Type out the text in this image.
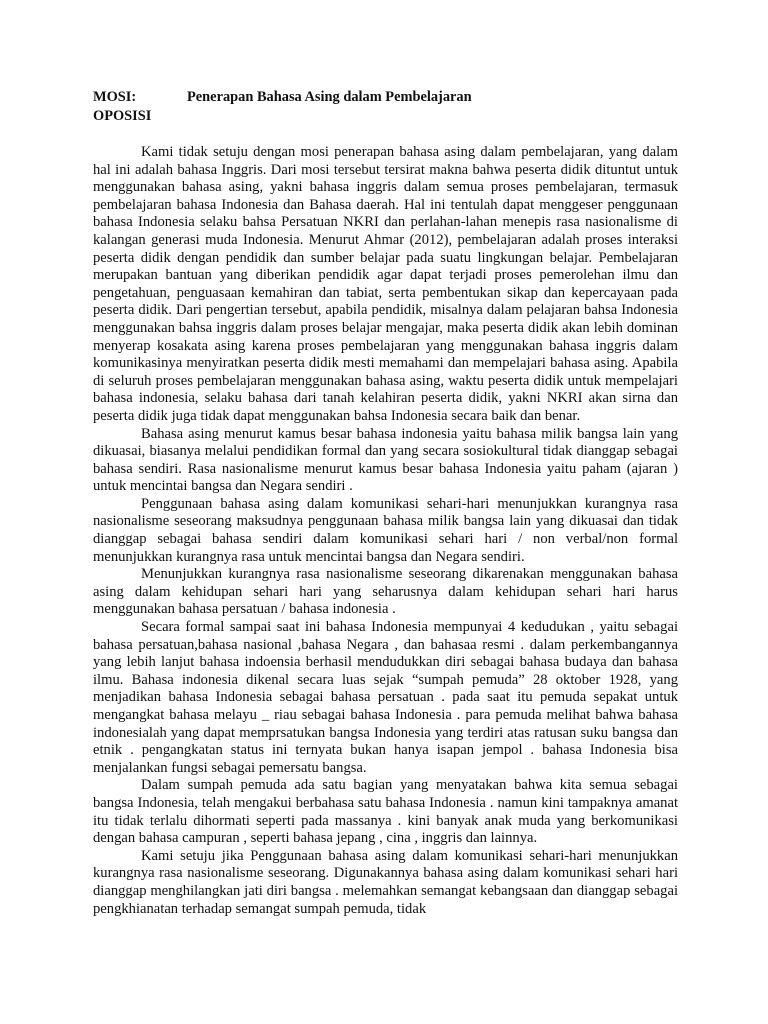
MOSI:	Penerapan Bahasa Asing dalam Pembelajaran
OPOSISI

Kami tidak setuju dengan mosi penerapan bahasa asing dalam pembelajaran, yang dalam hal ini adalah bahasa Inggris. Dari mosi tersebut tersirat makna bahwa peserta didik dituntut untuk menggunakan bahasa asing, yakni bahasa inggris dalam semua proses pembelajaran, termasuk pembelajaran bahasa Indonesia dan Bahasa daerah. Hal ini tentulah dapat menggeser penggunaan bahasa Indonesia selaku bahsa Persatuan NKRI dan perlahan-lahan menepis rasa nasionalisme di kalangan generasi muda Indonesia. Menurut Ahmar (2012), pembelajaran adalah proses interaksi peserta didik dengan pendidik dan sumber belajar pada suatu lingkungan belajar. Pembelajaran merupakan bantuan yang diberikan pendidik agar dapat terjadi proses pemerolehan ilmu dan pengetahuan, penguasaan kemahiran dan tabiat, serta pembentukan sikap dan kepercayaan pada peserta didik. Dari pengertian tersebut, apabila pendidik, misalnya dalam pelajaran bahsa Indonesia menggunakan bahsa inggris dalam proses belajar mengajar, maka peserta didik akan lebih dominan menyerap kosakata asing karena proses pembelajaran yang menggunakan bahasa inggris dalam komunikasinya menyiratkan peserta didik mesti memahami dan mempelajari bahasa asing. Apabila di seluruh proses pembelajaran menggunakan bahasa asing, waktu peserta didik untuk mempelajari bahasa indonesia, selaku bahasa dari tanah kelahiran peserta didik, yakni NKRI akan sirna dan peserta didik juga tidak dapat menggunakan bahsa Indonesia secara baik dan benar.

Bahasa asing menurut kamus besar bahasa indonesia yaitu bahasa milik bangsa lain yang dikuasai, biasanya melalui pendidikan formal dan yang secara sosiokultural tidak dianggap sebagai bahasa sendiri. Rasa nasionalisme menurut kamus besar bahasa Indonesia yaitu paham (ajaran ) untuk mencintai bangsa dan Negara sendiri .

Penggunaan bahasa asing dalam komunikasi sehari-hari menunjukkan kurangnya rasa nasionalisme seseorang maksudnya penggunaan bahasa milik bangsa lain yang dikuasai dan tidak dianggap sebagai bahasa sendiri dalam komunikasi sehari hari / non verbal/non formal menunjukkan kurangnya rasa untuk mencintai bangsa dan Negara sendiri.

Menunjukkan kurangnya rasa nasionalisme seseorang dikarenakan menggunakan bahasa asing dalam kehidupan sehari hari yang seharusnya dalam kehidupan sehari hari harus menggunakan bahasa persatuan / bahasa indonesia .

Secara formal sampai saat ini bahasa Indonesia mempunyai 4 kedudukan , yaitu sebagai bahasa persatuan,bahasa nasional ,bahasa Negara , dan bahasaa resmi . dalam perkembangannya yang lebih lanjut bahasa indoensia berhasil mendudukkan diri sebagai bahasa budaya dan bahasa ilmu. Bahasa indonesia dikenal secara luas sejak “sumpah pemuda” 28 oktober 1928, yang menjadikan bahasa Indonesia sebagai bahasa persatuan . pada saat itu pemuda sepakat untuk mengangkat bahasa melayu _ riau sebagai bahasa Indonesia . para pemuda melihat bahwa bahasa indonesialah yang dapat memprsatukan bangsa Indonesia yang terdiri atas ratusan suku bangsa dan etnik . pengangkatan status ini ternyata bukan hanya isapan jempol . bahasa Indonesia bisa menjalankan fungsi sebagai pemersatu bangsa.

Dalam sumpah pemuda ada satu bagian yang menyatakan bahwa kita semua sebagai bangsa Indonesia, telah mengakui berbahasa satu bahasa Indonesia . namun kini tampaknya amanat itu tidak terlalu dihormati seperti pada massanya . kini banyak anak muda yang berkomunikasi dengan bahasa campuran , seperti bahasa jepang , cina , inggris dan lainnya.

Kami setuju jika Penggunaan bahasa asing dalam komunikasi sehari-hari menunjukkan kurangnya rasa nasionalisme seseorang. Digunakannya bahasa asing dalam komunikasi sehari hari dianggap menghilangkan jati diri bangsa . melemahkan semangat kebangsaan dan dianggap sebagai pengkhianatan terhadap semangat sumpah pemuda, tidak
